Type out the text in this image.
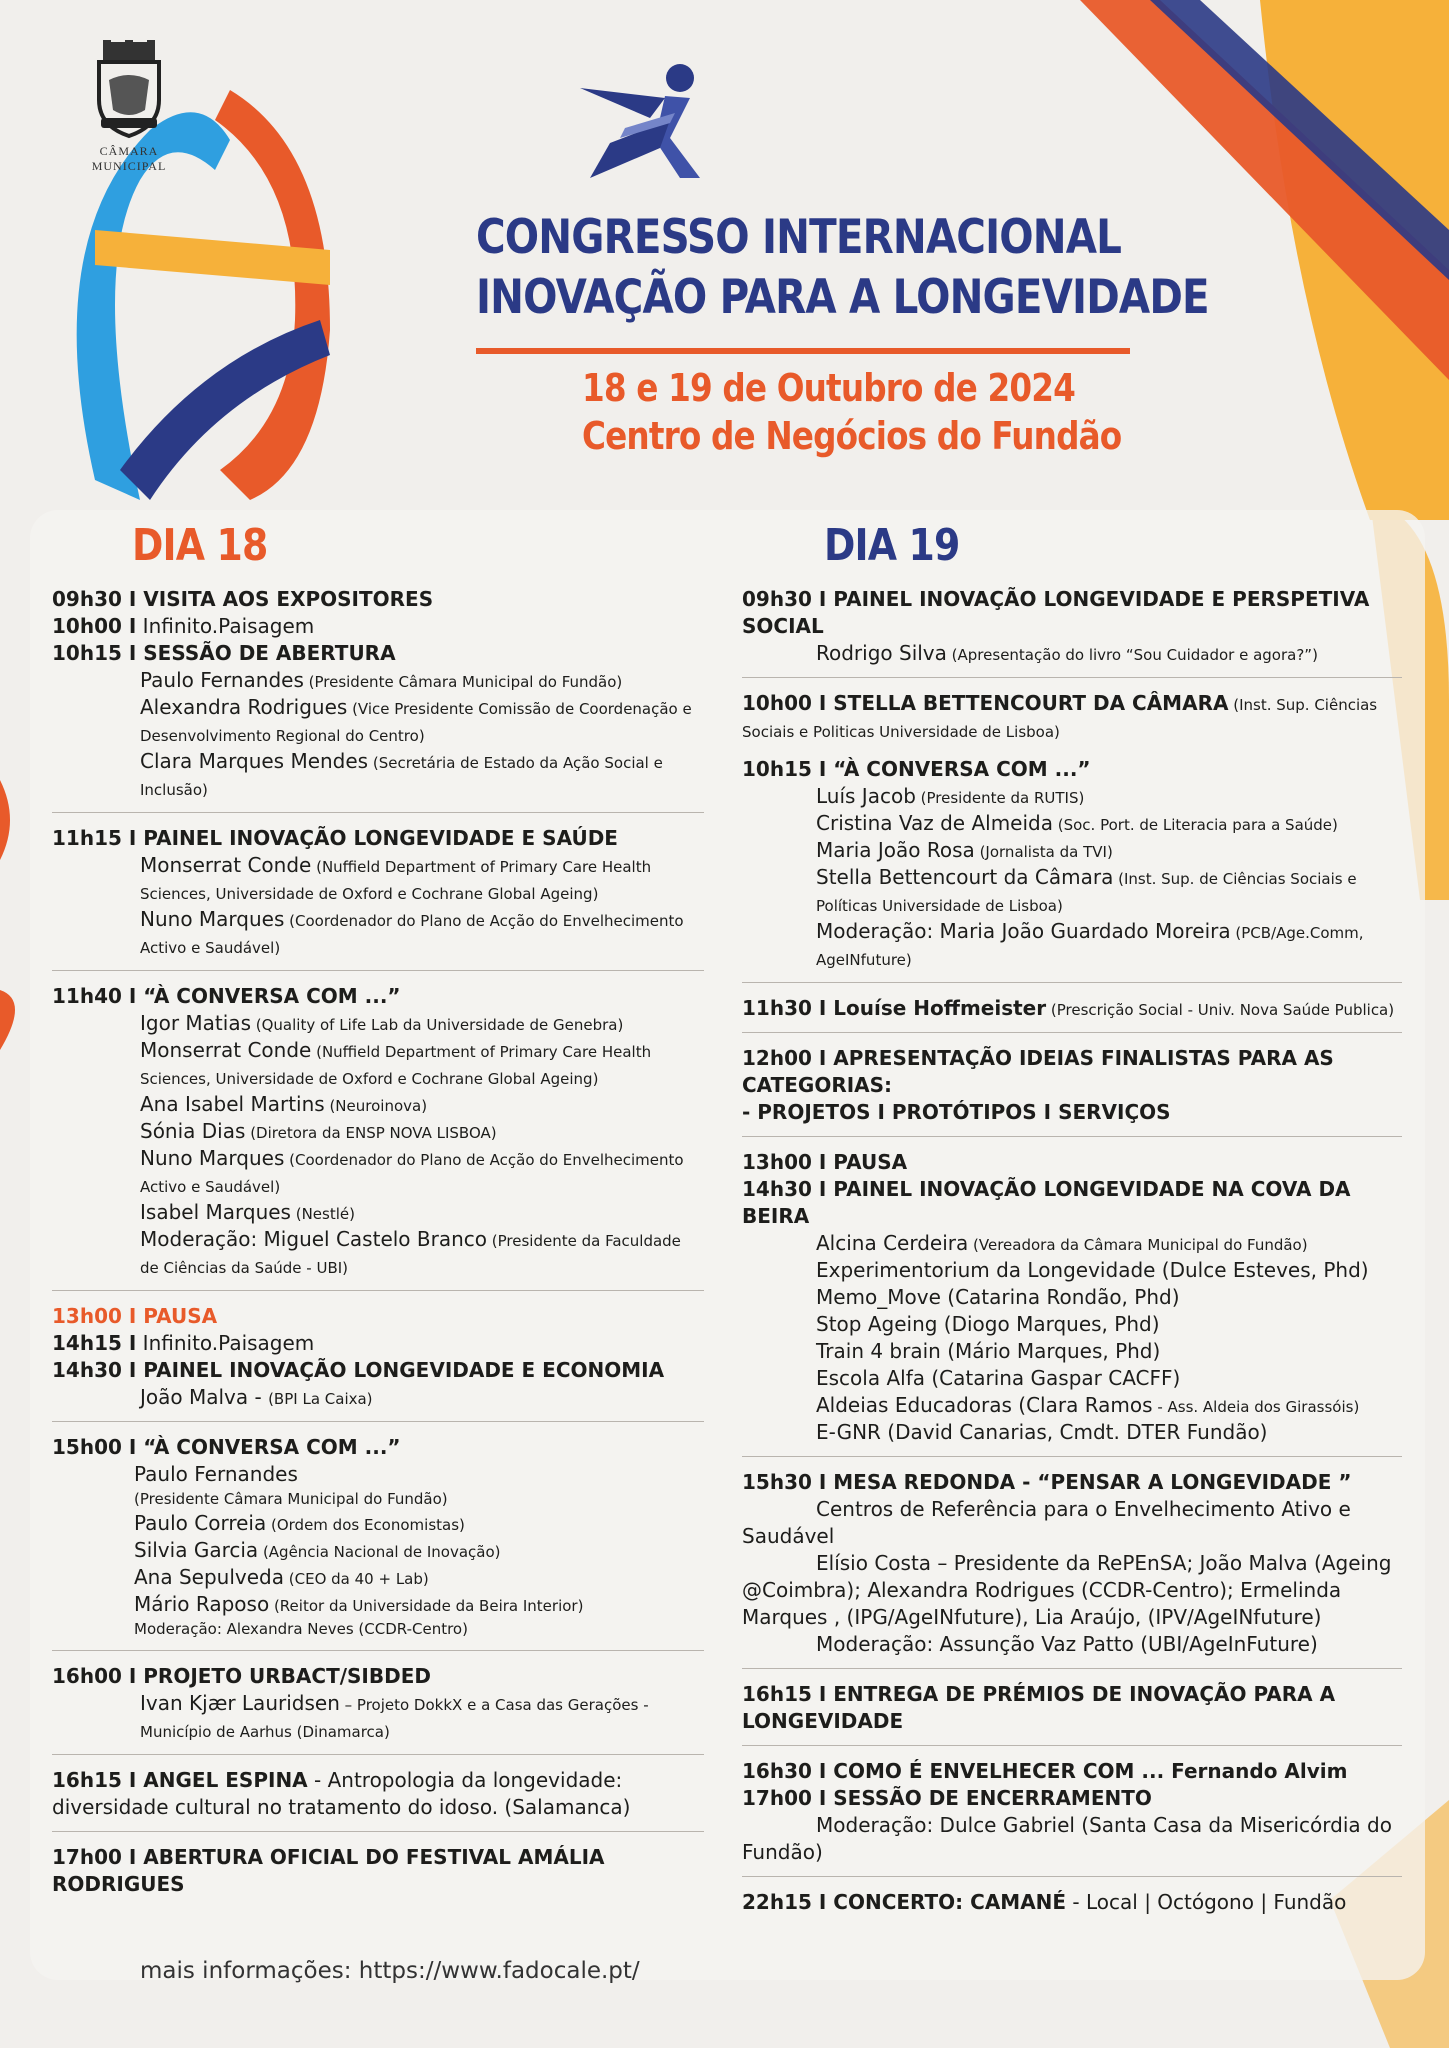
CÂMARA MUNICIPAL
CONGRESSO INTERNACIONAL
INOVAÇÃO PARA A LONGEVIDADE
18 e 19 de Outubro de 2024
Centro de Negócios do Fundão
DIA 18	DIA 19
09h30 I VISITA AOS EXPOSITORES
10h00 I Infinito.Paisagem
10h15 I SESSÃO DE ABERTURA
Paulo Fernandes (Presidente Câmara Municipal do Fundão)
Alexandra Rodrigues (Vice Presidente Comissão de Coordenação e Desenvolvimento Regional do Centro)
Clara Marques Mendes (Secretária de Estado da Ação Social e Inclusão)
11h15 I PAINEL INOVAÇÃO LONGEVIDADE E SAÚDE
Monserrat Conde (Nuffield Department of Primary Care Health Sciences, Universidade de Oxford e Cochrane Global Ageing)
Nuno Marques (Coordenador do Plano de Acção do Envelhecimento Activo e Saudável)
11h40 I “À CONVERSA COM ...”
Igor Matias (Quality of Life Lab da Universidade de Genebra)
Monserrat Conde (Nuffield Department of Primary Care Health Sciences, Universidade de Oxford e Cochrane Global Ageing)
Ana Isabel Martins (Neuroinova)
Sónia Dias (Diretora da ENSP NOVA LISBOA)
Nuno Marques (Coordenador do Plano de Acção do Envelhecimento Activo e Saudável)
Isabel Marques (Nestlé)
Moderação: Miguel Castelo Branco (Presidente da Faculdade de Ciências da Saúde - UBI)
13h00 I PAUSA
14h15 I Infinito.Paisagem
14h30 I PAINEL INOVAÇÃO LONGEVIDADE E ECONOMIA
João Malva - (BPI La Caixa)
15h00 I “À CONVERSA COM ...”
Paulo Fernandes
(Presidente Câmara Municipal do Fundão)
Paulo Correia (Ordem dos Economistas)
Silvia Garcia (Agência Nacional de Inovação)
Ana Sepulveda (CEO da 40 + Lab)
Mário Raposo (Reitor da Universidade da Beira Interior)
Moderação: Alexandra Neves (CCDR-Centro)
16h00 I PROJETO URBACT/SIBDED
Ivan Kjær Lauridsen – Projeto DokkX e a Casa das Gerações - Município de Aarhus (Dinamarca)
16h15 I ANGEL ESPINA - Antropologia da longevidade: diversidade cultural no tratamento do idoso. (Salamanca)
17h00 I ABERTURA OFICIAL DO FESTIVAL AMÁLIA RODRIGUES
09h30 I PAINEL INOVAÇÃO LONGEVIDADE E PERSPETIVA SOCIAL
Rodrigo Silva (Apresentação do livro “Sou Cuidador e agora?”)
10h00 I STELLA BETTENCOURT DA CÂMARA (Inst. Sup. Ciências Sociais e Politicas Universidade de Lisboa)
10h15 I “À CONVERSA COM ...”
Luís Jacob (Presidente da RUTIS)
Cristina Vaz de Almeida (Soc. Port. de Literacia para a Saúde)
Maria João Rosa (Jornalista da TVI)
Stella Bettencourt da Câmara (Inst. Sup. de Ciências Sociais e Políticas Universidade de Lisboa)
Moderação: Maria João Guardado Moreira (PCB/Age.Comm, AgeINfuture)
11h30 I Louíse Hoffmeister (Prescrição Social - Univ. Nova Saúde Publica)
12h00 I APRESENTAÇÃO IDEIAS FINALISTAS PARA AS CATEGORIAS:
- PROJETOS I PROTÓTIPOS I SERVIÇOS
13h00 I PAUSA
14h30 I PAINEL INOVAÇÃO LONGEVIDADE NA COVA DA BEIRA
Alcina Cerdeira (Vereadora da Câmara Municipal do Fundão)
Experimentorium da Longevidade (Dulce Esteves, Phd)
Memo_Move (Catarina Rondão, Phd)
Stop Ageing (Diogo Marques, Phd)
Train 4 brain (Mário Marques, Phd)
Escola Alfa (Catarina Gaspar CACFF)
Aldeias Educadoras (Clara Ramos - Ass. Aldeia dos Girassóis)
E-GNR (David Canarias, Cmdt. DTER Fundão)
15h30 I MESA REDONDA - “PENSAR A LONGEVIDADE ”
Centros de Referência para o Envelhecimento Ativo e Saudável
Elísio Costa – Presidente da RePEnSA; João Malva (Ageing @Coimbra); Alexandra Rodrigues (CCDR-Centro); Ermelinda Marques , (IPG/AgeINfuture), Lia Araújo, (IPV/AgeINfuture)
Moderação: Assunção Vaz Patto (UBI/AgeInFuture)
16h15 I ENTREGA DE PRÉMIOS DE INOVAÇÃO PARA A LONGEVIDADE
16h30 I COMO É ENVELHECER COM ... Fernando Alvim
17h00 I SESSÃO DE ENCERRAMENTO
Moderação: Dulce Gabriel (Santa Casa da Misericórdia do Fundão)
22h15 I CONCERTO: CAMANÉ - Local | Octógono | Fundão
mais informações: https://www.fadocale.pt/
